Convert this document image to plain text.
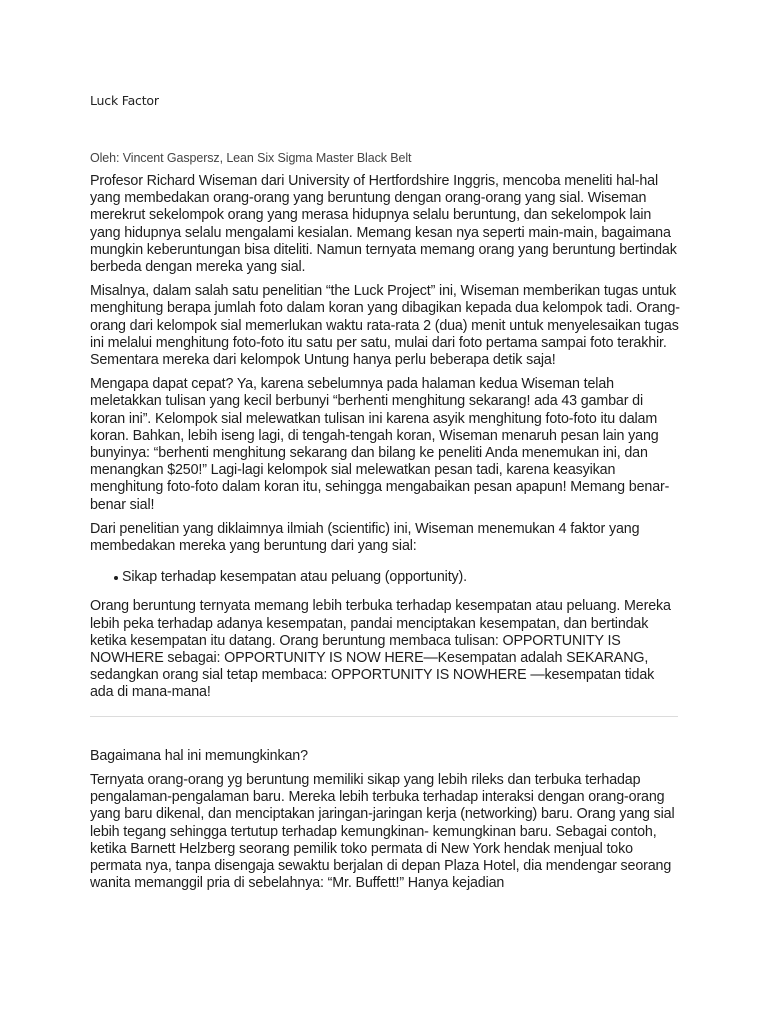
Luck Factor

Oleh: Vincent Gaspersz, Lean Six Sigma Master Black Belt

Profesor Richard Wiseman dari University of Hertfordshire Inggris, mencoba meneliti hal-hal yang membedakan orang-orang yang beruntung dengan orang-orang yang sial. Wiseman merekrut sekelompok orang yang merasa hidupnya selalu beruntung, dan sekelompok lain yang hidupnya selalu mengalami kesialan. Memang kesan nya seperti main-main, bagaimana mungkin keberuntungan bisa diteliti. Namun ternyata memang orang yang beruntung bertindak berbeda dengan mereka yang sial.

Misalnya, dalam salah satu penelitian “the Luck Project” ini, Wiseman memberikan tugas untuk menghitung berapa jumlah foto dalam koran yang dibagikan kepada dua kelompok tadi. Orang-orang dari kelompok sial memerlukan waktu rata-rata 2 (dua) menit untuk menyelesaikan tugas ini melalui menghitung foto-foto itu satu per satu, mulai dari foto pertama sampai foto terakhir. Sementara mereka dari kelompok Untung hanya perlu beberapa detik saja!

Mengapa dapat cepat? Ya, karena sebelumnya pada halaman kedua Wiseman telah meletakkan tulisan yang kecil berbunyi “berhenti menghitung sekarang! ada 43 gambar di koran ini”. Kelompok sial melewatkan tulisan ini karena asyik menghitung foto-foto itu dalam koran. Bahkan, lebih iseng lagi, di tengah-tengah koran, Wiseman menaruh pesan lain yang bunyinya: “berhenti menghitung sekarang dan bilang ke peneliti Anda menemukan ini, dan menangkan $250!” Lagi-lagi kelompok sial melewatkan pesan tadi, karena keasyikan menghitung foto-foto dalam koran itu, sehingga mengabaikan pesan apapun! Memang benar-benar sial!

Dari penelitian yang diklaimnya ilmiah (scientific) ini, Wiseman menemukan 4 faktor yang membedakan mereka yang beruntung dari yang sial:

Sikap terhadap kesempatan atau peluang (opportunity).

Orang beruntung ternyata memang lebih terbuka terhadap kesempatan atau peluang. Mereka lebih peka terhadap adanya kesempatan, pandai menciptakan kesempatan, dan bertindak ketika kesempatan itu datang. Orang beruntung membaca tulisan: OPPORTUNITY IS NOWHERE sebagai: OPPORTUNITY IS NOW HERE—Kesempatan adalah SEKARANG, sedangkan orang sial tetap membaca: OPPORTUNITY IS NOWHERE —kesempatan tidak ada di mana-mana!

Bagaimana hal ini memungkinkan?

Ternyata orang-orang yg beruntung memiliki sikap yang lebih rileks dan terbuka terhadap pengalaman-pengalaman baru. Mereka lebih terbuka terhadap interaksi dengan orang-orang yang baru dikenal, dan menciptakan jaringan-jaringan kerja (networking) baru. Orang yang sial lebih tegang sehingga tertutup terhadap kemungkinan- kemungkinan baru. Sebagai contoh, ketika Barnett Helzberg seorang pemilik toko permata di New York hendak menjual toko permata nya, tanpa disengaja sewaktu berjalan di depan Plaza Hotel, dia mendengar seorang wanita memanggil pria di sebelahnya: “Mr. Buffett!” Hanya kejadian
